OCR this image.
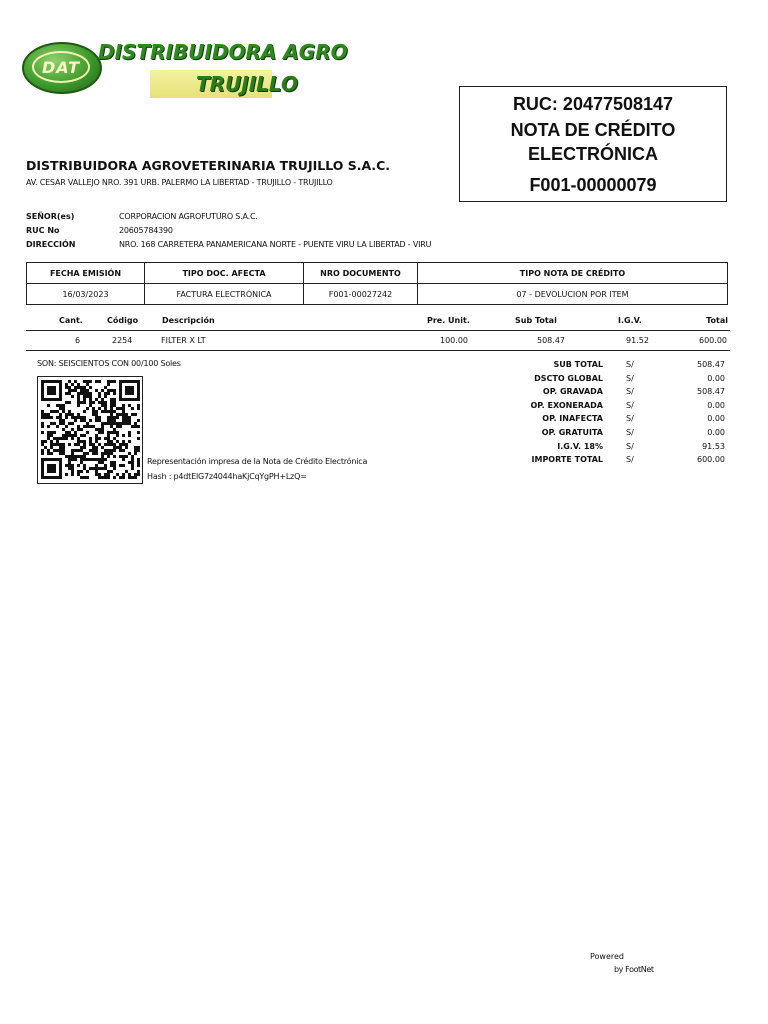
DAT
DISTRIBUIDORA AGRO
TRUJILLO
RUC: 20477508147
NOTA DE CRÉDITO
ELECTRÓNICA
F001-00000079
DISTRIBUIDORA AGROVETERINARIA TRUJILLO S.A.C.
AV. CESAR VALLEJO NRO. 391 URB. PALERMO LA LIBERTAD - TRUJILLO - TRUJILLO
SEÑOR(es)	CORPORACION AGROFUTURO S.A.C.
RUC No	20605784390
DIRECCIÓN	NRO. 168 CARRETERA PANAMERICANA NORTE - PUENTE VIRU LA LIBERTAD - VIRU
FECHA EMISIÓN	TIPO DOC. AFECTA	NRO DOCUMENTO	TIPO NOTA DE CRÉDITO
16/03/2023	FACTURA ELECTRÓNICA	F001-00027242	07 - DEVOLUCION POR ITEM
Cant.	Código	Descripción	Pre. Unit.	Sub Total	I.G.V.	Total
6	2254	FILTER X LT	100.00	508.47	91.52	600.00
SON: SEISCIENTOS CON 00/100 Soles
Representación impresa de la Nota de Crédito Electrónica
Hash : p4dtElG7z4044haKjCqYgPH+LzQ=
SUB TOTAL	S/	508.47
DSCTO GLOBAL	S/	0.00
OP. GRAVADA	S/	508.47
OP. EXONERADA	S/	0.00
OP. INAFECTA	S/	0.00
OP. GRATUITA	S/	0.00
I.G.V. 18%	S/	91.53
IMPORTE TOTAL	S/	600.00
Powered
by FootNet
